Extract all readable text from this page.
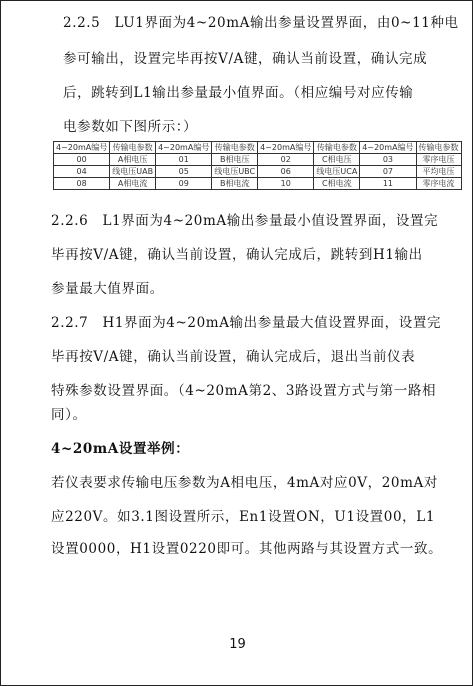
2.2.5　LU1界面为4~20mA输出参量设置界面，由0~11种电
参可输出，设置完毕再按V/A键，确认当前设置，确认完成
后，跳转到L1输出参量最小值界面。（相应编号对应传输
电参数如下图所示：）
4~20mA编号	传输电参数	4~20mA编号	传输电参数	4~20mA编号	传输电参数	4~20mA编号	传输电参数
00	A相电压	01	B相电压	02	C相电压	03	零序电压
04	线电压UAB	05	线电压UBC	06	线电压UCA	07	平均电压
08	A相电流	09	B相电流	10	C相电流	11	零序电流
2.2.6　L1界面为4~20mA输出参量最小值设置界面，设置完
毕再按V/A键，确认当前设置，确认完成后，跳转到H1输出
参量最大值界面。
2.2.7　H1界面为4~20mA输出参量最大值设置界面，设置完
毕再按V/A键，确认当前设置，确认完成后，退出当前仪表
特殊参数设置界面。（4~20mA第2、3路设置方式与第一路相
同）。
4~20mA设置举例：
若仪表要求传输电压参数为A相电压，4mA对应0V，20mA对
应220V。如3.1图设置所示，En1设置ON，U1设置00，L1
设置0000，H1设置0220即可。其他两路与其设置方式一致。
19
